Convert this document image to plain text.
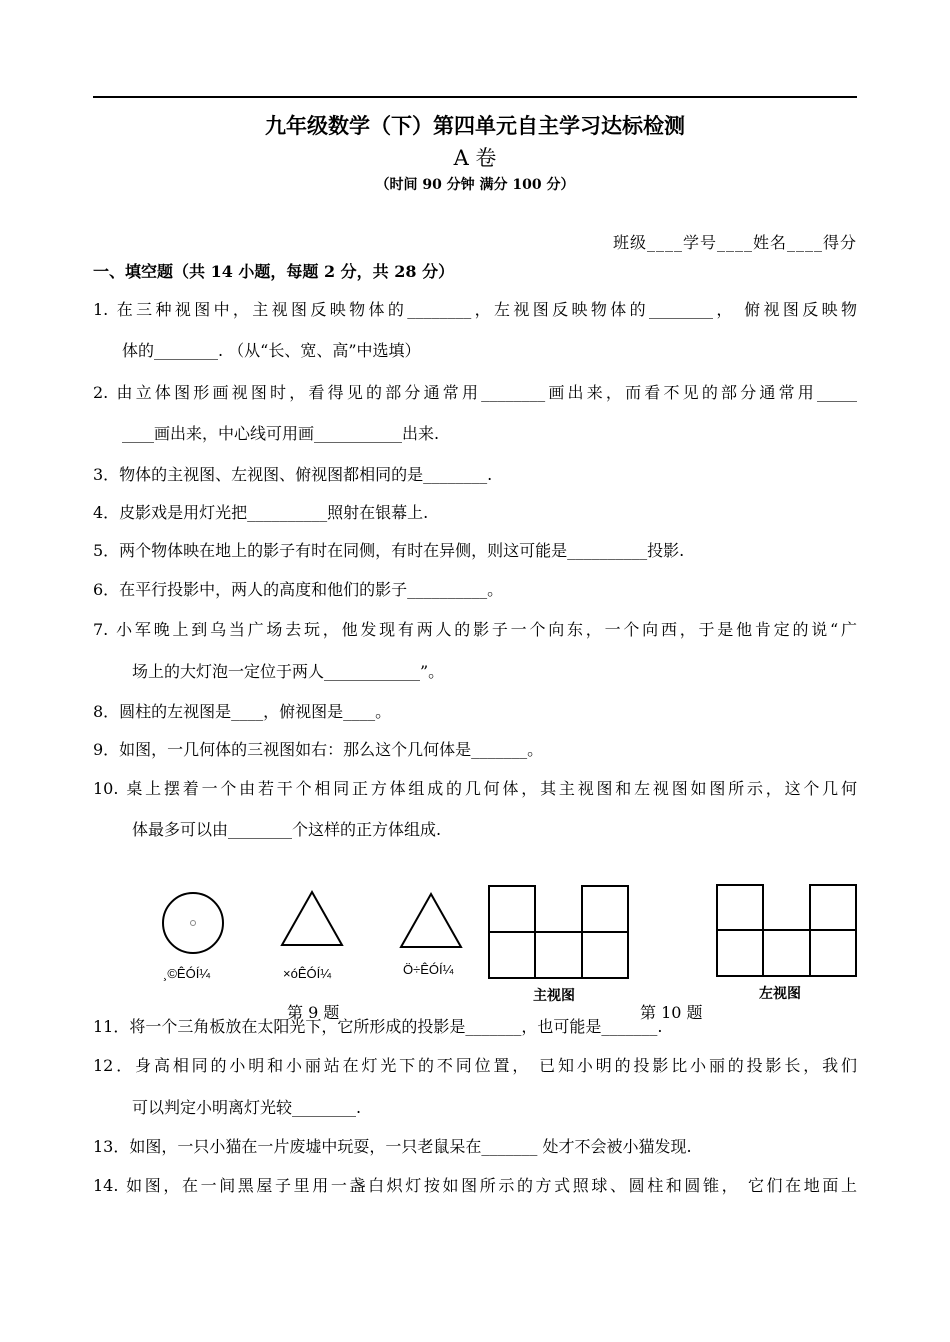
九年级数学（下）第四单元自主学习达标检测
A 卷
（时间 90 分钟 满分 100 分）
班级____学号____姓名____得分
一、填空题（共 14 小题，每题 2 分，共 28 分）
1. 在三种视图中，主视图反映物体的________，左视图反映物体的________， 俯视图反映物
体的________. （从“长、宽、高”中选填）
2. 由立体图形画视图时，看得见的部分通常用________画出来，而看不见的部分通常用_____
____画出来，中心线可用画___________出来.
3．物体的主视图、左视图、俯视图都相同的是________.
4．皮影戏是用灯光把__________照射在银幕上.
5．两个物体映在地上的影子有时在同侧，有时在异侧，则这可能是__________投影.
6．在平行投影中，两人的高度和他们的影子__________。
7. 小军晚上到乌当广场去玩，他发现有两人的影子一个向东，一个向西，于是他肯定的说“广
场上的大灯泡一定位于两人____________”。
8．圆柱的左视图是____，俯视图是____。
9．如图，一几何体的三视图如右：那么这个几何体是_______。
10. 桌上摆着一个由若干个相同正方体组成的几何体，其主视图和左视图如图所示，这个几何
体最多可以由________个这样的正方体组成.
¸©ÊÓÍ¼	×óÊÓÍ¼	Ö÷ÊÓÍ¼
主视图	左视图
第 9 题	第 10 题
11．将一个三角板放在太阳光下，它所形成的投影是_______，也可能是_______.
12．身高相同的小明和小丽站在灯光下的不同位置， 已知小明的投影比小丽的投影长，我们
可以判定小明离灯光较________.
13．如图，一只小猫在一片废墟中玩耍，一只老鼠呆在_______ 处才不会被小猫发现.
14. 如图，在一间黑屋子里用一盏白炽灯按如图所示的方式照球、圆柱和圆锥， 它们在地面上
